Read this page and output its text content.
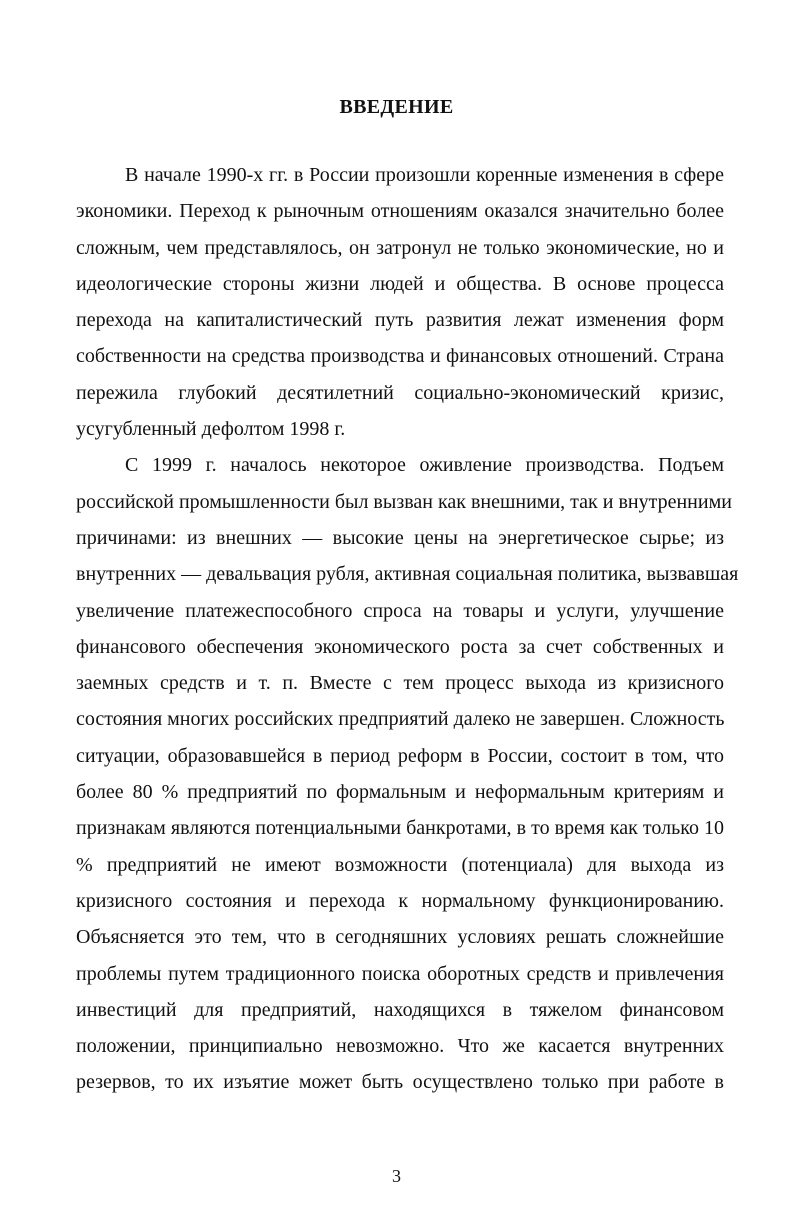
ВВЕДЕНИЕ
В начале 1990-х гг. в России произошли коренные изменения в сфере
экономики. Переход к рыночным отношениям оказался значительно более
сложным, чем представлялось, он затронул не только экономические, но и
идеологические стороны жизни людей и общества. В основе процесса
перехода на капиталистический путь развития лежат изменения форм
собственности на средства производства и финансовых отношений. Страна
пережила глубокий десятилетний социально-экономический кризис,
усугубленный дефолтом 1998 г.
С 1999 г. началось некоторое оживление производства. Подъем
российской промышленности был вызван как внешними, так и внутренними
причинами: из внешних — высокие цены на энергетическое сырье; из
внутренних — девальвация рубля, активная социальная политика, вызвавшая
увеличение платежеспособного спроса на товары и услуги, улучшение
финансового обеспечения экономического роста за счет собственных и
заемных средств и т. п. Вместе с тем процесс выхода из кризисного
состояния многих российских предприятий далеко не завершен. Сложность
ситуации, образовавшейся в период реформ в России, состоит в том, что
более 80 % предприятий по формальным и неформальным критериям и
признакам являются потенциальными банкротами, в то время как только 10
% предприятий не имеют возможности (потенциала) для выхода из
кризисного состояния и перехода к нормальному функционированию.
Объясняется это тем, что в сегодняшних условиях решать сложнейшие
проблемы путем традиционного поиска оборотных средств и привлечения
инвестиций для предприятий, находящихся в тяжелом финансовом
положении, принципиально невозможно. Что же касается внутренних
резервов, то их изъятие может быть осуществлено только при работе в
3
